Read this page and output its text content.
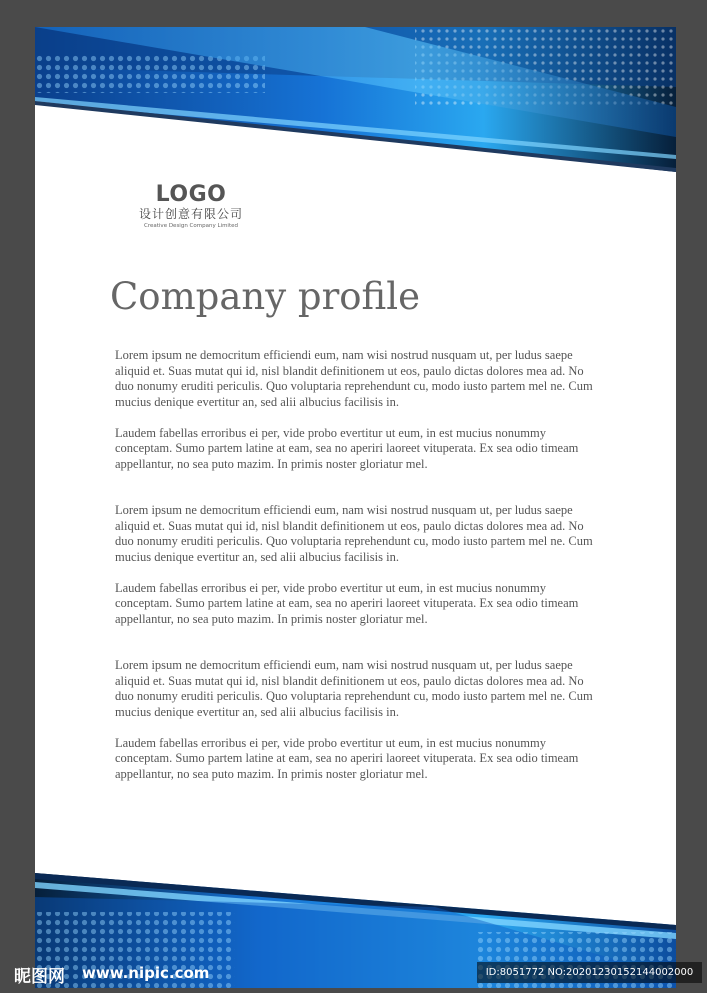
LOGO
设计创意有限公司
Creative Design Company Limited
Company profile

Lorem ipsum ne democritum efficiendi eum, nam wisi nostrud nusquam ut, per ludus saepe aliquid et. Suas mutat qui id, nisl blandit definitionem ut eos, paulo dictas dolores mea ad. No duo nonumy eruditi periculis. Quo voluptaria reprehendunt cu, modo iusto partem mel ne. Cum mucius denique evertitur an, sed alii albucius facilisis in.

Laudem fabellas erroribus ei per, vide probo evertitur ut eum, in est mucius nonummy conceptam. Sumo partem latine at eam, sea no aperiri laoreet vituperata. Ex sea odio timeam appellantur, no sea puto mazim. In primis noster gloriatur mel.

Lorem ipsum ne democritum efficiendi eum, nam wisi nostrud nusquam ut, per ludus saepe aliquid et. Suas mutat qui id, nisl blandit definitionem ut eos, paulo dictas dolores mea ad. No duo nonumy eruditi periculis. Quo voluptaria reprehendunt cu, modo iusto partem mel ne. Cum mucius denique evertitur an, sed alii albucius facilisis in.

Laudem fabellas erroribus ei per, vide probo evertitur ut eum, in est mucius nonummy conceptam. Sumo partem latine at eam, sea no aperiri laoreet vituperata. Ex sea odio timeam appellantur, no sea puto mazim. In primis noster gloriatur mel.

Lorem ipsum ne democritum efficiendi eum, nam wisi nostrud nusquam ut, per ludus saepe aliquid et. Suas mutat qui id, nisl blandit definitionem ut eos, paulo dictas dolores mea ad. No duo nonumy eruditi periculis. Quo voluptaria reprehendunt cu, modo iusto partem mel ne. Cum mucius denique evertitur an, sed alii albucius facilisis in.

Laudem fabellas erroribus ei per, vide probo evertitur ut eum, in est mucius nonummy conceptam. Sumo partem latine at eam, sea no aperiri laoreet vituperata. Ex sea odio timeam appellantur, no sea puto mazim. In primis noster gloriatur mel.

昵图网 www.nipic.com	ID:8051772 NO:20201230152144002000
